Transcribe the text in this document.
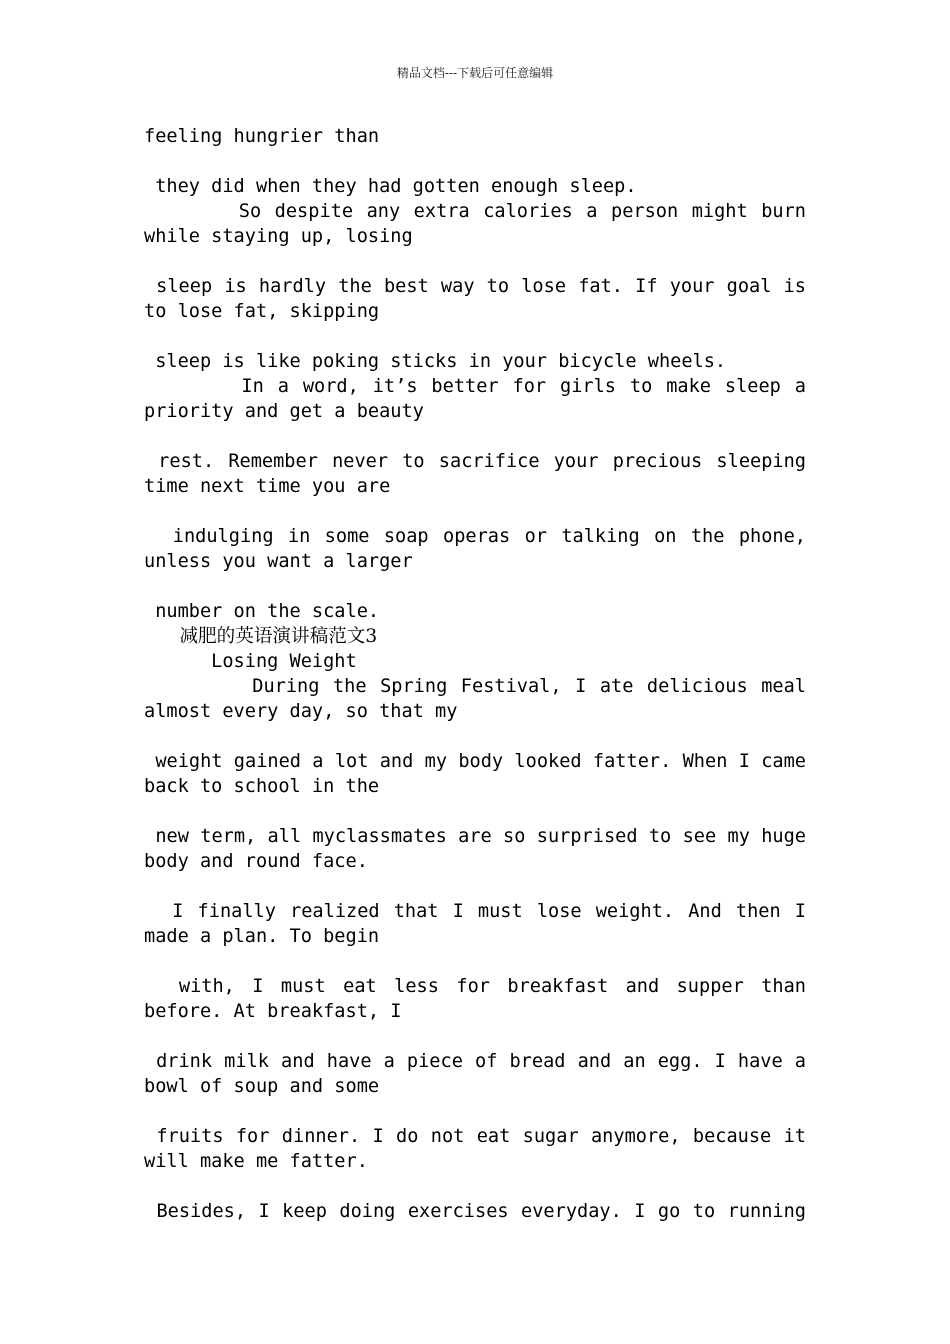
精品文档---下载后可任意编辑
feeling hungrier than
they did when they had gotten enough sleep.
So despite any extra calories a person might burn
while staying up, losing
sleep is hardly the best way to lose fat. If your goal is
to lose fat, skipping
sleep is like poking sticks in your bicycle wheels.
In a word, it’s better for girls to make sleep a
priority and get a beauty
rest. Remember never to sacrifice your precious sleeping
time next time you are
indulging in some soap operas or talking on the phone,
unless you want a larger
number on the scale.
减肥的英语演讲稿范文3
Losing Weight
During the Spring Festival, I ate delicious meal
almost every day, so that my
weight gained a lot and my body looked fatter. When I came
back to school in the
new term, all myclassmates are so surprised to see my huge
body and round face.
I finally realized that I must lose weight. And then I
made a plan. To begin
with, I must eat less for breakfast and supper than
before. At breakfast, I
drink milk and have a piece of bread and an egg. I have a
bowl of soup and some
fruits for dinner. I do not eat sugar anymore, because it
will make me fatter.
Besides, I keep doing exercises everyday. I go to running
